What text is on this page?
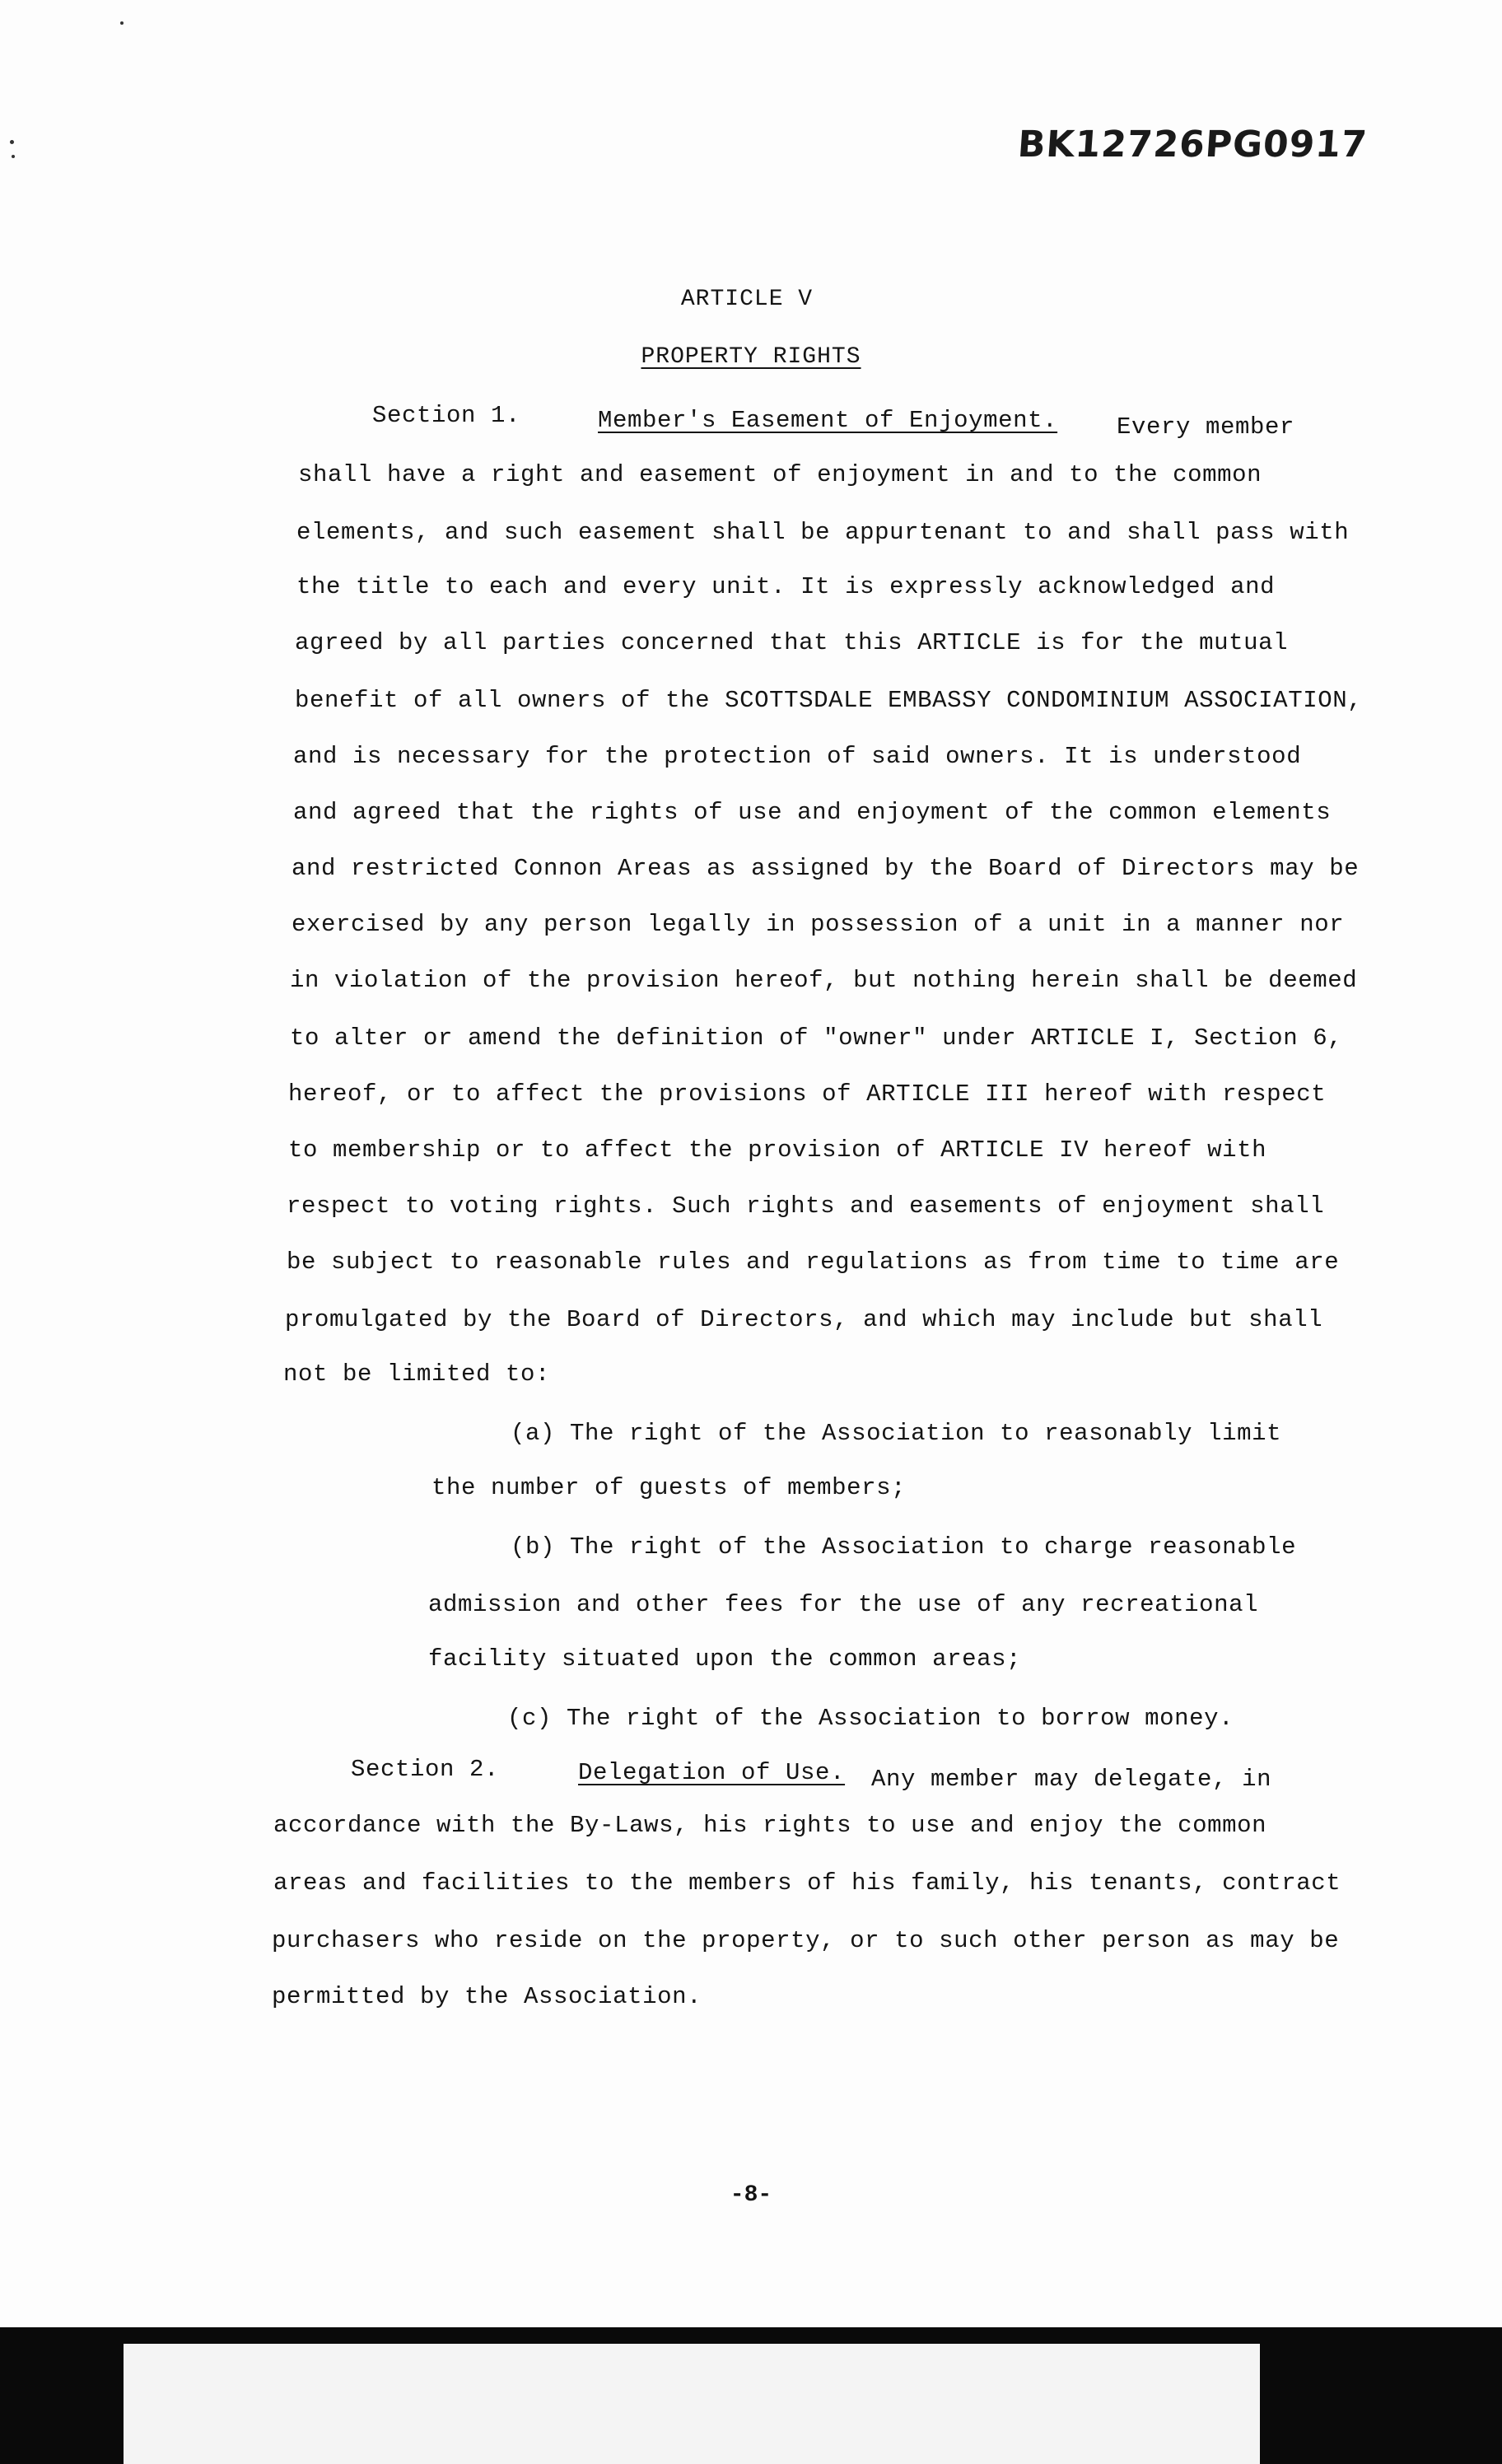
BK12726PG0917
ARTICLE V
PROPERTY RIGHTS
Section 1.	Member's Easement of Enjoyment. Every member
shall have a right and easement of enjoyment in and to the common
elements, and such easement shall be appurtenant to and shall pass with
the title to each and every unit. It is expressly acknowledged and
agreed by all parties concerned that this ARTICLE is for the mutual
benefit of all owners of the SCOTTSDALE EMBASSY CONDOMINIUM ASSOCIATION,
and is necessary for the protection of said owners. It is understood
and agreed that the rights of use and enjoyment of the common elements
and restricted Connon Areas as assigned by the Board of Directors may be
exercised by any person legally in possession of a unit in a manner nor
in violation of the provision hereof, but nothing herein shall be deemed
to alter or amend the definition of "owner" under ARTICLE I, Section 6,
hereof, or to affect the provisions of ARTICLE III hereof with respect
to membership or to affect the provision of ARTICLE IV hereof with
respect to voting rights. Such rights and easements of enjoyment shall
be subject to reasonable rules and regulations as from time to time are
promulgated by the Board of Directors, and which may include but shall
not be limited to:
(a) The right of the Association to reasonably limit
the number of guests of members;
(b) The right of the Association to charge reasonable
admission and other fees for the use of any recreational
facility situated upon the common areas;
(c) The right of the Association to borrow money.
Section 2.	Delegation of Use. Any member may delegate, in
accordance with the By-Laws, his rights to use and enjoy the common
areas and facilities to the members of his family, his tenants, contract
purchasers who reside on the property, or to such other person as may be
permitted by the Association.
-8-
